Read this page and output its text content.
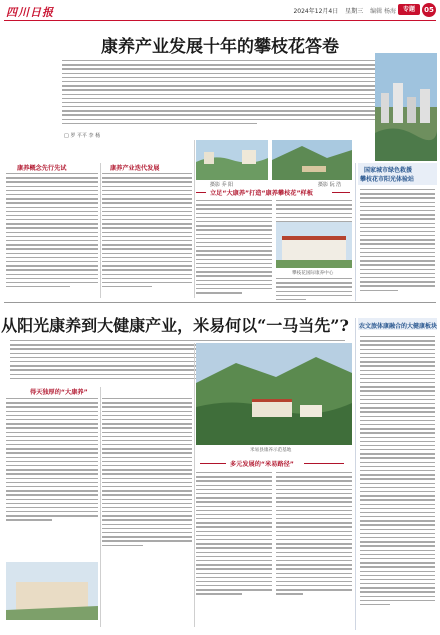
四川日报	2024年12月4日 星期三 编辑 杨海	专题	05
康养产业发展十年的攀枝花答卷
□ 罗 平平 李 杨
康养概念先行先试	康养产业迭代发展
摄影 乔 阳	摄影 阮 浩
立足“大康养”打造“康养攀枝花”样板
攀枝花国际康养中心
国家城市绿色救援
攀枝花市阳光体验站
从阳光康养到大健康产业，米易何以“一马当先”?
得天独厚的“大康养”
米易县康养示范基地
多元发展的“米易路径”
农文旅体康融合的大健康板块
